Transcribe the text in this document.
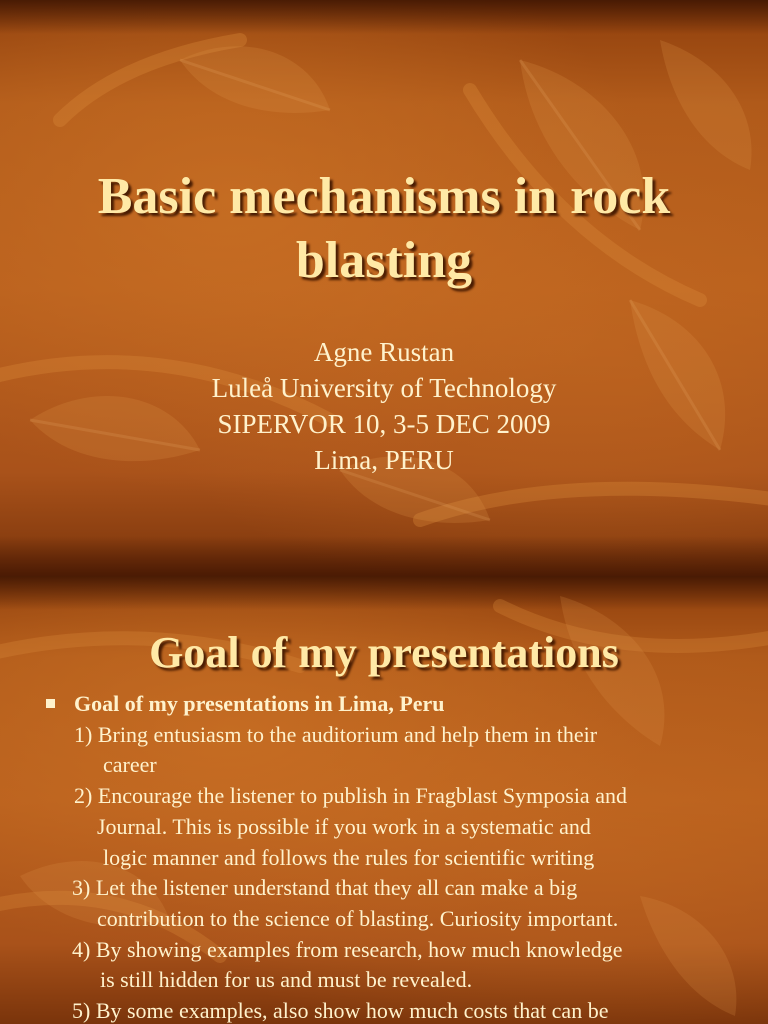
Basic mechanisms in rock
blasting
Agne Rustan
Luleå University of Technology
SIPERVOR 10, 3-5 DEC 2009
Lima, PERU
Goal of my presentations
Goal of my presentations in Lima, Peru
1) Bring entusiasm to the auditorium and help them in their
career
2) Encourage the listener to publish in Fragblast Symposia and
Journal. This is possible if you work in a systematic and
logic manner and follows the rules for scientific writing
3) Let the listener understand that they all can make a big
contribution to the science of blasting. Curiosity important.
4) By showing examples from research, how much knowledge
is still hidden for us and must be revealed.
5) By some examples, also show how much costs that can be
